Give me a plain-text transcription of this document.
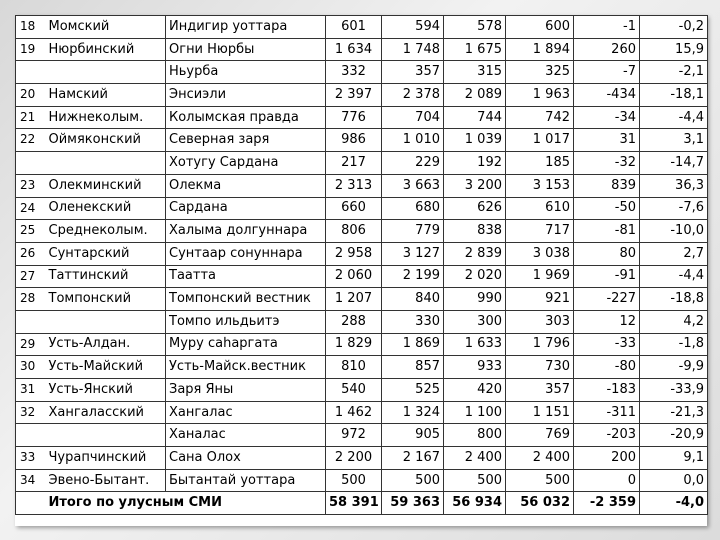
18	Момский	Индигир уоттара	601	594	578	600	-1	-0,2
19	Нюрбинский	Огни Нюрбы	1 634	1 748	1 675	1 894	260	15,9
		Ньурба	332	357	315	325	-7	-2,1
20	Намский	Энсиэли	2 397	2 378	2 089	1 963	-434	-18,1
21	Нижнеколым.	Колымская правда	776	704	744	742	-34	-4,4
22	Оймяконский	Северная заря	986	1 010	1 039	1 017	31	3,1
		Хотугу Сардана	217	229	192	185	-32	-14,7
23	Олекминский	Олекма	2 313	3 663	3 200	3 153	839	36,3
24	Оленекский	Сардана	660	680	626	610	-50	-7,6
25	Среднеколым.	Халыма долгуннара	806	779	838	717	-81	-10,0
26	Сунтарский	Сунтаар сонуннара	2 958	3 127	2 839	3 038	80	2,7
27	Таттинский	Таатта	2 060	2 199	2 020	1 969	-91	-4,4
28	Томпонский	Томпонский вестник	1 207	840	990	921	-227	-18,8
		Томпо ильдьитэ	288	330	300	303	12	4,2
29	Усть-Алдан.	Муру сaһаргата	1 829	1 869	1 633	1 796	-33	-1,8
30	Усть-Майский	Усть-Майск.вестник	810	857	933	730	-80	-9,9
31	Усть-Янский	Заря Яны	540	525	420	357	-183	-33,9
32	Хангаласский	Хангалас	1 462	1 324	1 100	1 151	-311	-21,3
		Ханалас	972	905	800	769	-203	-20,9
33	Чурапчинский	Сана Олох	2 200	2 167	2 400	2 400	200	9,1
34	Эвено-Бытант.	Бытантай уоттара	500	500	500	500	0	0,0
	Итого по улусным СМИ		58 391	59 363	56 934	56 032	-2 359	-4,0
